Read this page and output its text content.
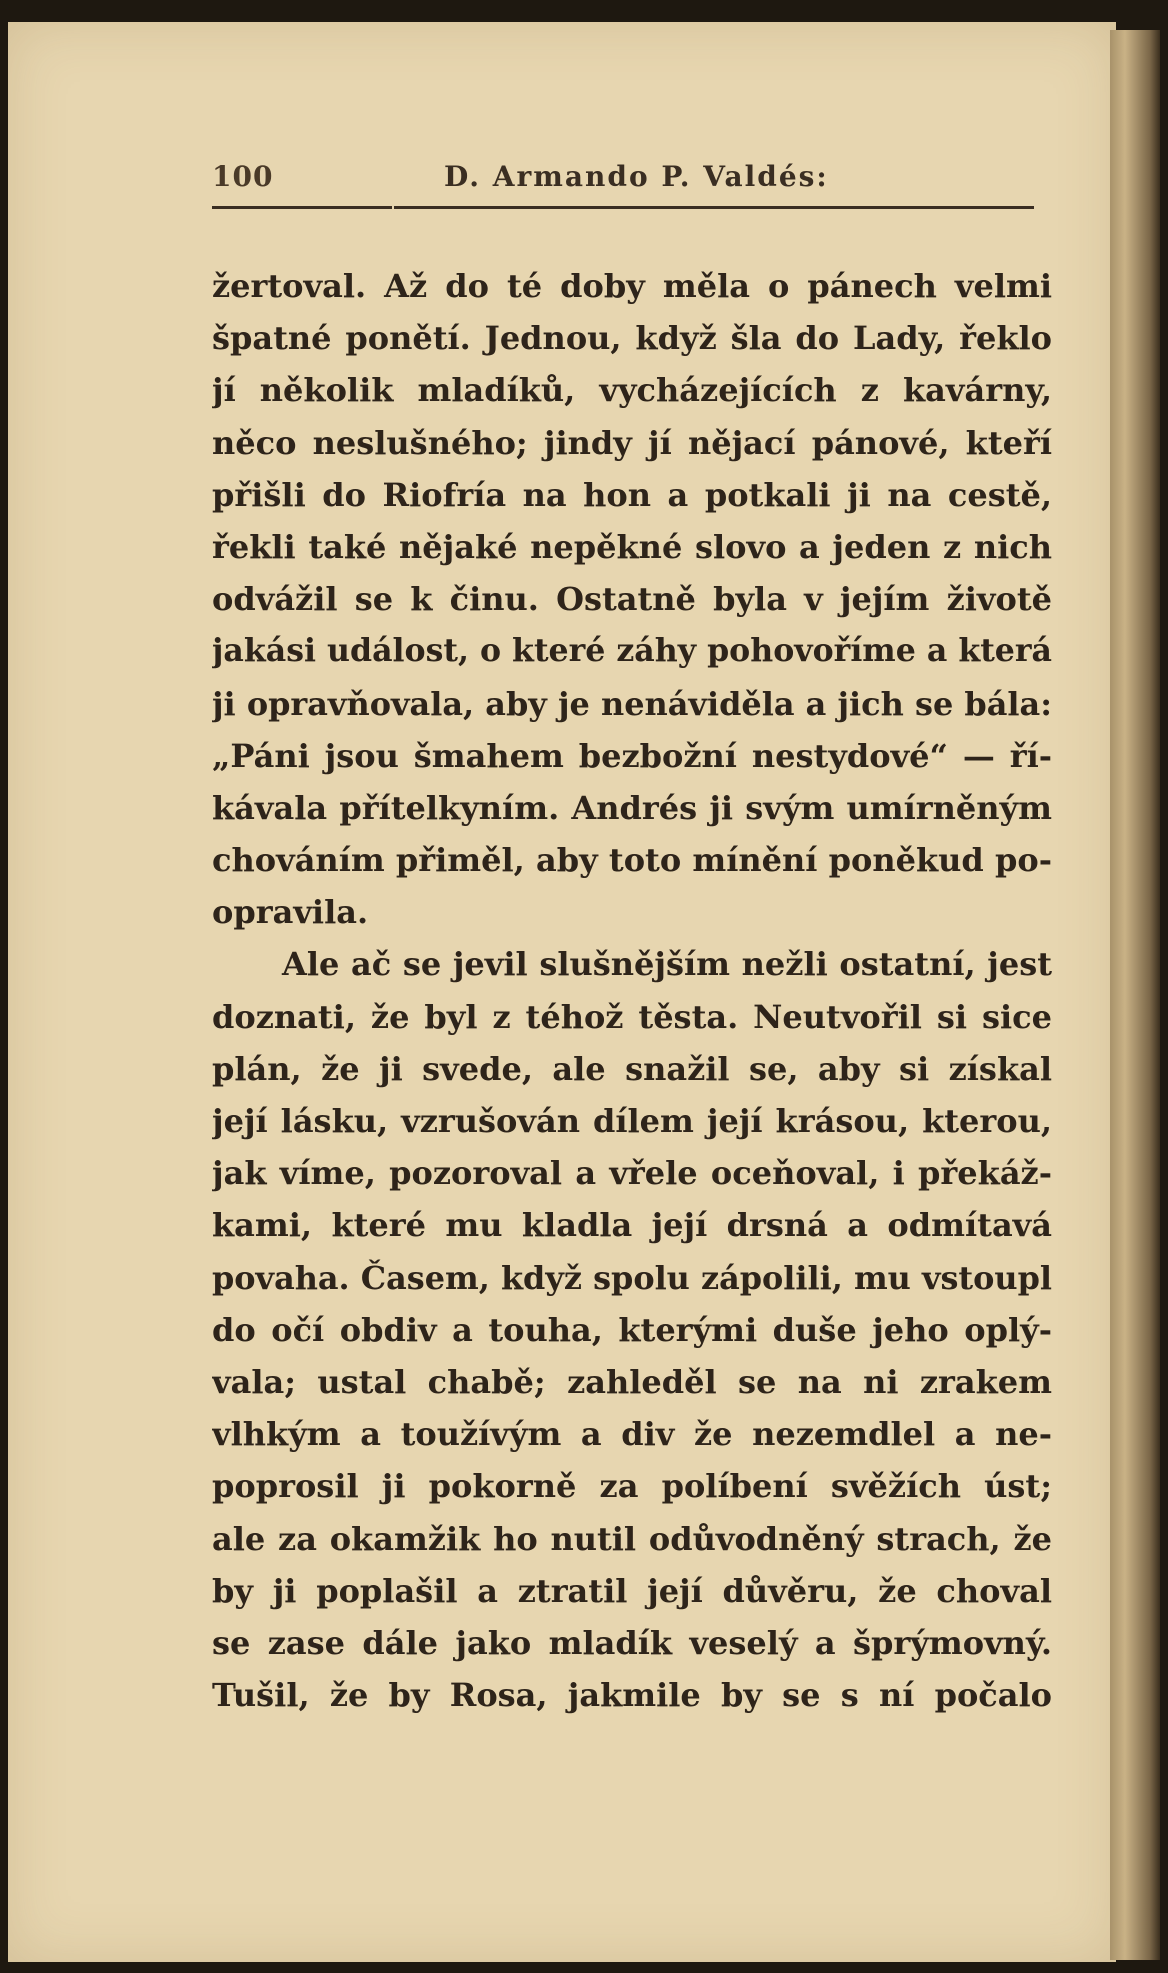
100	D. Armando P. Valdés:
žertoval. Až do té doby měla o pánech velmi
špatné ponětí. Jednou, když šla do Lady, řeklo
jí několik mladíků, vycházejících z kavárny,
něco neslušného; jindy jí nějací pánové, kteří
přišli do Riofría na hon a potkali ji na cestě,
řekli také nějaké nepěkné slovo a jeden z nich
odvážil se k činu. Ostatně byla v jejím životě
jakási událost, o které záhy pohovoříme a která
ji opravňovala, aby je nenáviděla a jich se bála:
„Páni jsou šmahem bezbožní nestydové“ — ří-
kávala přítelkyním. Andrés ji svým umírněným
chováním přiměl, aby toto mínění poněkud po-
opravila.
Ale ač se jevil slušnějším nežli ostatní, jest
doznati, že byl z téhož těsta. Neutvořil si sice
plán, že ji svede, ale snažil se, aby si získal
její lásku, vzrušován dílem její krásou, kterou,
jak víme, pozoroval a vřele oceňoval, i překáž-
kami, které mu kladla její drsná a odmítavá
povaha. Časem, když spolu zápolili, mu vstoupl
do očí obdiv a touha, kterými duše jeho oplý-
vala; ustal chabě; zahleděl se na ni zrakem
vlhkým a toužívým a div že nezemdlel a ne-
poprosil ji pokorně za políbení svěžích úst;
ale za okamžik ho nutil odůvodněný strach, že
by ji poplašil a ztratil její důvěru, že choval
se zase dále jako mladík veselý a šprýmovný.
Tušil, že by Rosa, jakmile by se s ní počalo
